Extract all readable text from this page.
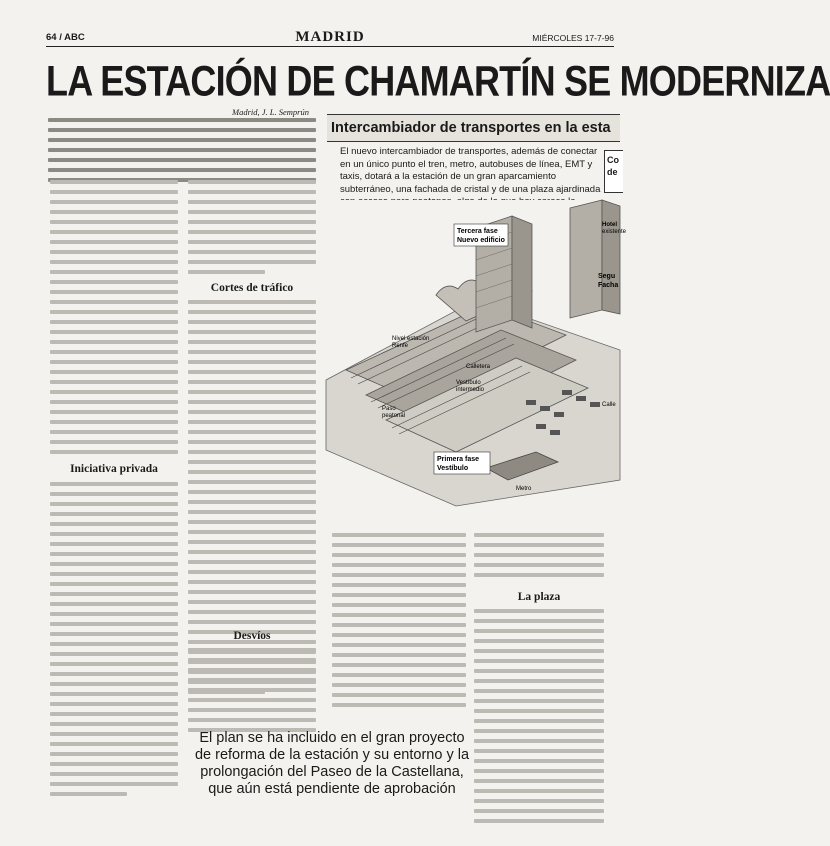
64 / ABC	MADRID	MIÉRCOLES 17-7-96
LA ESTACIÓN DE CHAMARTÍN SE MODERNIZA
Madrid, J. L. Semprún
Iniciativa privada
Cortes de tráfico
Desvíos
La plaza
Intercambiador de transportes en la esta
El nuevo intercambiador de transportes, además de conectar en un único punto el tren, metro, autobuses de línea, EMT y taxis, dotará a la estación de un gran aparcamiento subterráneo, una fachada de cristal y de una plaza ajardinada
Tercera fase
Nuevo edificio
Hotel
existente
Segu
Facha
Nivel estación
Renfe
Calletera
Vestíbulo
intermedio
Paso
peatonal
Primera fase
Vestíbulo
Metro
Calle
Co
de
El plan se ha incluido en el gran proyecto de reforma de la estación y su entorno y la prolongación del Paseo de la Castellana, que aún está pendiente de aprobación
